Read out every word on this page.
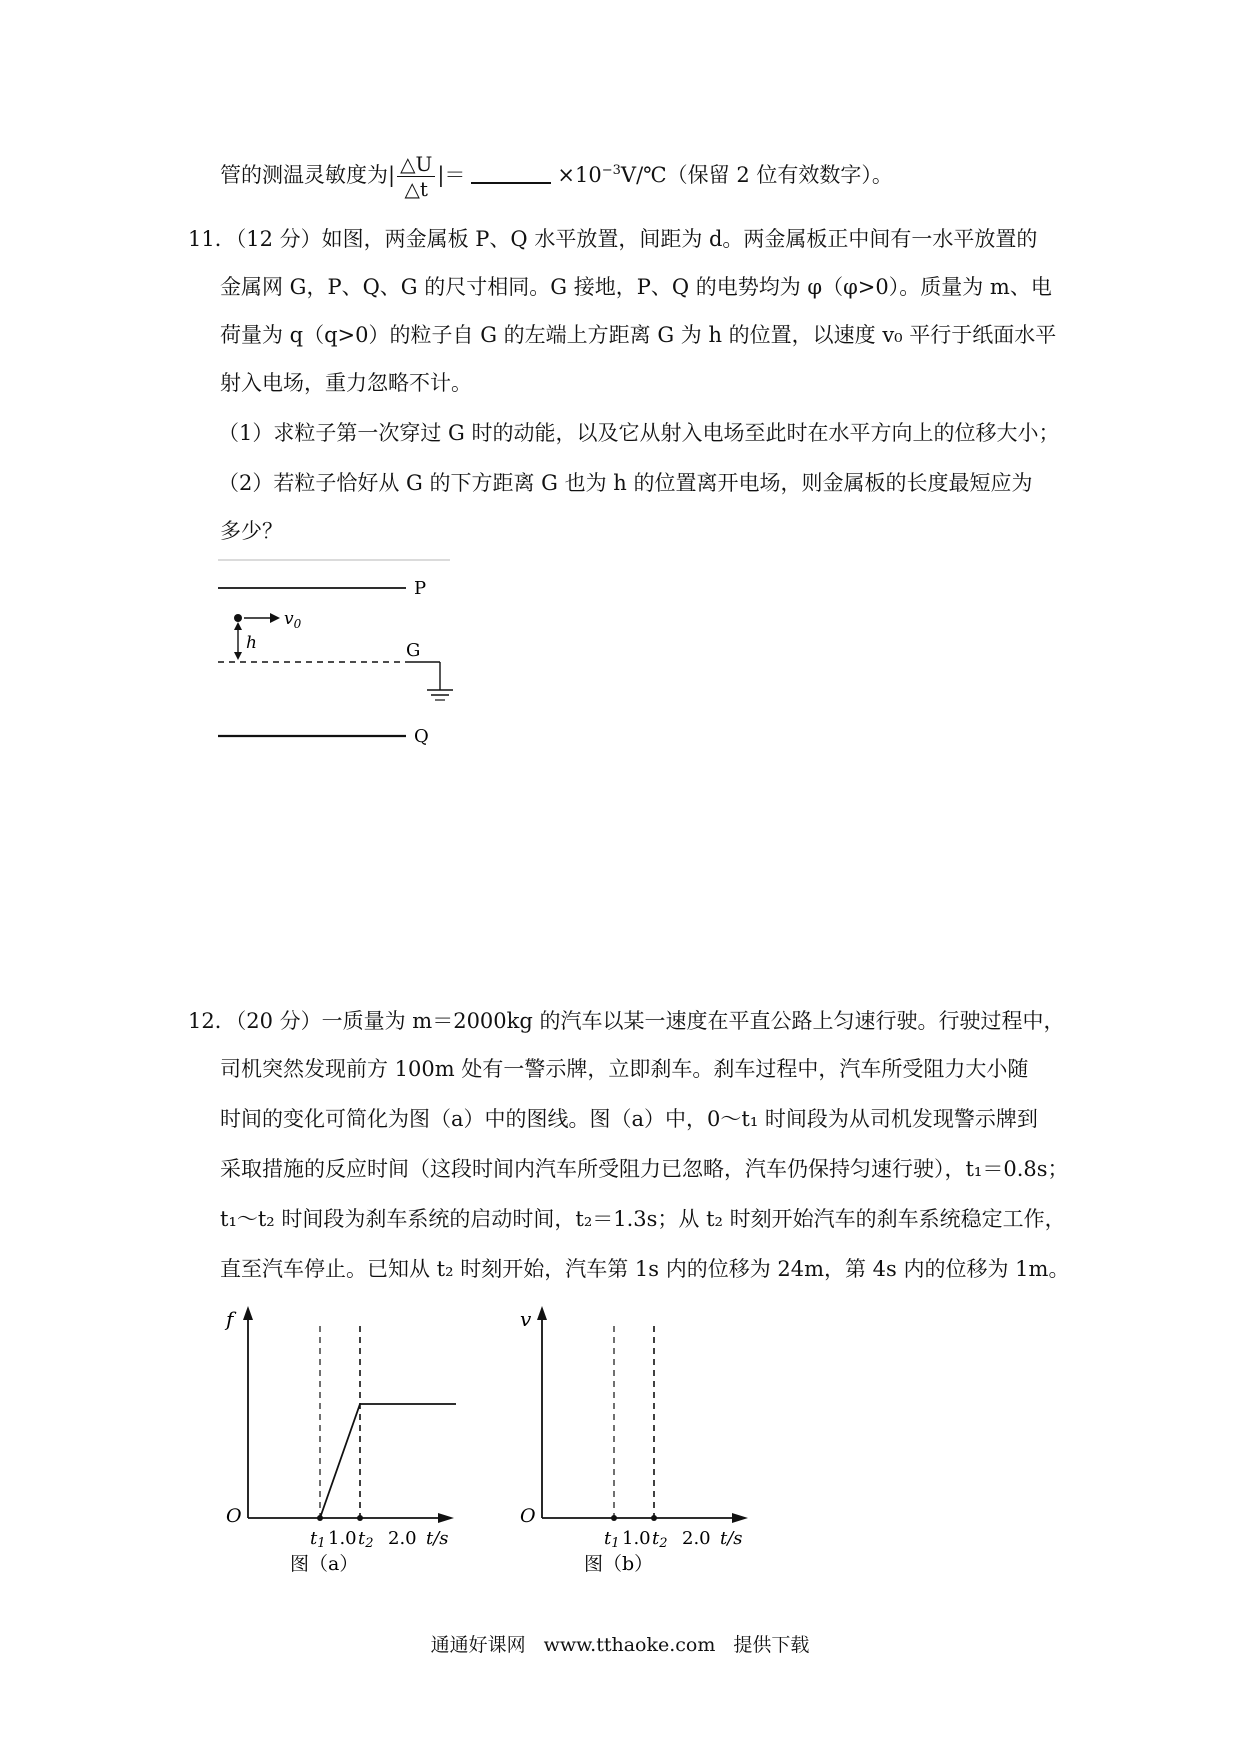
管的测温灵敏度为| $\frac{\triangle U}{\triangle t}$ |＝	$\times 10^{-3}V/℃$（保留 2 位有效数字）。
11．（12 分）如图，两金属板 P、Q 水平放置，间距为 d。两金属板正中间有一水平放置的
金属网 G，P、Q、G 的尺寸相同。G 接地，P、Q 的电势均为 φ（φ>0）。质量为 m、电
荷量为 q（q>0）的粒子自 G 的左端上方距离 G 为 h 的位置，以速度 v₀ 平行于纸面水平
射入电场，重力忽略不计。
（1）求粒子第一次穿过 G 时的动能，以及它从射入电场至此时在水平方向上的位移大小；
（2）若粒子恰好从 G 的下方距离 G 也为 h 的位置离开电场，则金属板的长度最短应为
多少？
P
$v_0$
h	G
Q
12．（20 分）一质量为 m＝2000kg 的汽车以某一速度在平直公路上匀速行驶。行驶过程中，
司机突然发现前方 100m 处有一警示牌，立即刹车。刹车过程中，汽车所受阻力大小随
时间的变化可简化为图（a）中的图线。图（a）中，0～t₁ 时间段为从司机发现警示牌到
采取措施的反应时间（这段时间内汽车所受阻力已忽略，汽车仍保持匀速行驶），t₁＝0.8s；
t₁～t₂ 时间段为刹车系统的启动时间，t₂＝1.3s；从 t₂ 时刻开始汽车的刹车系统稳定工作，
直至汽车停止。已知从 t₂ 时刻开始，汽车第 1s 内的位移为 24m，第 4s 内的位移为 1m。
f
O
t1 1.0 t2 2.0 t/s
图（a）
v
O
t1 1.0 t2 2.0 t/s
图（b）
通通好课网 www.tthaoke.com 提供下载
